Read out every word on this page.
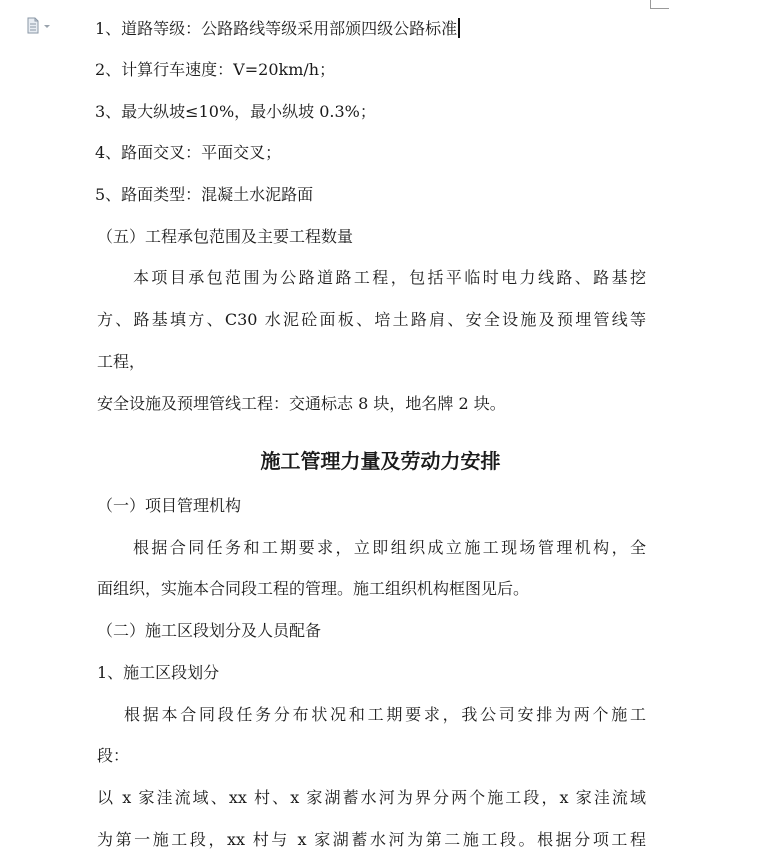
1、道路等级：公路路线等级采用部颁四级公路标准
2、计算行车速度：V=20km/h；
3、最大纵坡≤10%，最小纵坡 0.3%；
4、路面交叉：平面交叉；
5、路面类型：混凝土水泥路面
（五）工程承包范围及主要工程数量
本项目承包范围为公路道路工程，包括平临时电力线路、路基挖
方、路基填方、C30 水泥砼面板、培土路肩、安全设施及预埋管线等
工程，
安全设施及预埋管线工程：交通标志 8 块，地名牌 2 块。
施工管理力量及劳动力安排
（一）项目管理机构
根据合同任务和工期要求，立即组织成立施工现场管理机构，全
面组织，实施本合同段工程的管理。施工组织机构框图见后。
（二）施工区段划分及人员配备
1、施工区段划分
根据本合同段任务分布状况和工期要求，我公司安排为两个施工
段：
以 x 家洼流域、xx 村、x 家湖蓄水河为界分两个施工段，x 家洼流域
为第一施工段，xx 村与 x 家湖蓄水河为第二施工段。根据分项工程
